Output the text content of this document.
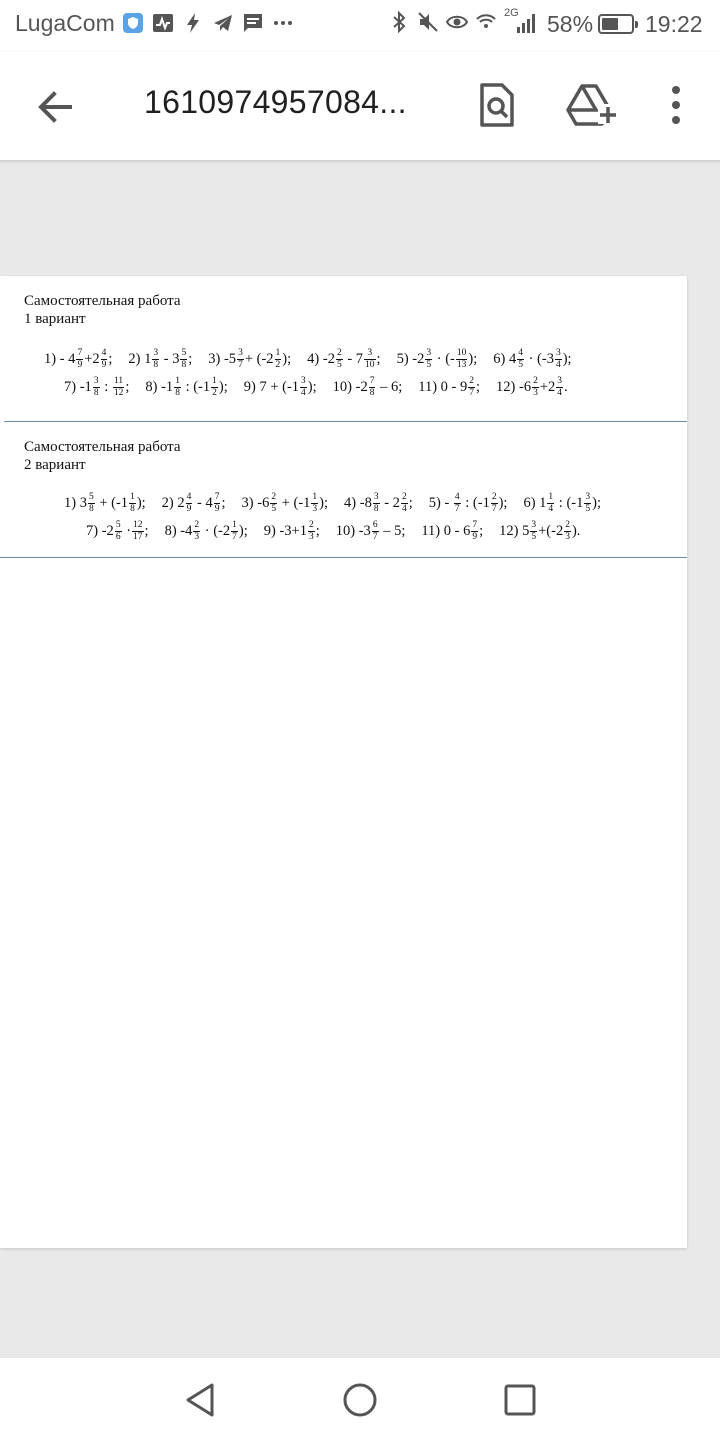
LugaCom	2G 58% 19:22
1610974957084...
Самостоятельная работа
1 вариант
$1) - 4 \frac{7}{9} +2 \frac{4}{9}$ ; 2) $1 \frac{3}{8} - 3 \frac{5}{8}$ ; 3) $-5 \frac{3}{7} + (-2 \frac{1}{2}$ ); 4) $-2 \frac{2}{5} - 7 \frac{3}{10}$ ; 5) $-2 \frac{3}{5}$ · (- $\frac{10}{13}$ ); 6) $4 \frac{4}{5} \cdot (-3 \frac{3}{4}$ );
7) $-1 \frac{3}{8}$ : $\frac{11}{12}$ ; 8) $-1 \frac{1}{8}$ : ($-1 \frac{1}{2}$ ); 9) $7 + (-1 \frac{3}{4}$ ); 10) $-2 \frac{7}{8} - 6$; 11) $0 - 9 \frac{2}{7}$ ; 12) $-6 \frac{2}{3} +2 \frac{3}{4}$ .
Самостоятельная работа
2 вариант
1) $3 \frac{5}{8} + (-1 \frac{1}{8}$ ); 2) $2 \frac{4}{9} - 4 \frac{7}{9}$ ; 3) $-6 \frac{2}{5} + (-1 \frac{1}{3}$ ); 4) $-8 \frac{3}{8} - 2 \frac{2}{4}$ ; $5) - \frac{4}{7}$ : ($-1 \frac{2}{7}$ ); 6) $1 \frac{1}{4}$ : ($-1 \frac{3}{5}$ );
7) $-2 \frac{5}{6} \cdot \frac{12}{17}$ ; 8) $-4 \frac{2}{3} \cdot (-2 \frac{1}{7}$ ); 9) $-3+1 \frac{2}{3}$ ; 10) $-3 \frac{6}{7} - 5$; 11) $0 - 6 \frac{7}{9}$ ; 12) $5 \frac{3}{5} +(-2 \frac{2}{3}$ ).
